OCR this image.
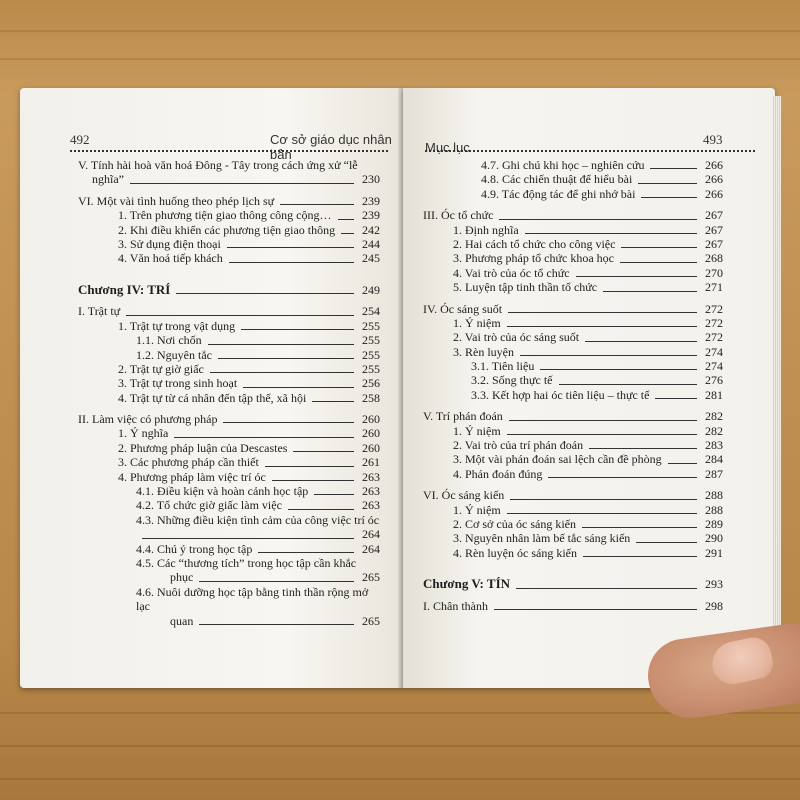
492	Cơ sở giáo dục nhân bản
V. Tính hài hoà văn hoá Đông - Tây trong cách ứng xử “lễ
nghĩa”	230
VI. Một vài tình huống theo phép lịch sự	239
1. Trên phương tiện giao thông công cộng…	239
2. Khi điều khiển các phương tiện giao thông	242
3. Sử dụng điện thoại	244
4. Văn hoá tiếp khách	245
Chương IV: TRÍ	249
I. Trật tự	254
1. Trật tự trong vật dụng	255
1.1. Nơi chốn	255
1.2. Nguyên tắc	255
2. Trật tự giờ giấc	255
3. Trật tự trong sinh hoạt	256
4. Trật tự từ cá nhân đến tập thể, xã hội	258
II. Làm việc có phương pháp	260
1. Ý nghĩa	260
2. Phương pháp luận của Descastes	260
3. Các phương pháp cần thiết	261
4. Phương pháp làm việc trí óc	263
4.1. Điều kiện và hoàn cảnh học tập	263
4.2. Tổ chức giờ giấc làm việc	263
4.3. Những điều kiện tình cảm của công việc trí óc
264
4.4. Chú ý trong học tập	264
4.5. Các “thương tích” trong học tập cần khắc
phục	265
4.6. Nuôi dưỡng học tập bằng tinh thần rộng mở lạc
quan	265
Mục lục
493
4.7. Ghi chú khi học – nghiên cứu	266
4.8. Các chiến thuật để hiểu bài	266
4.9. Tác động tác để ghi nhớ bài	266
III. Óc tổ chức	267
1. Định nghĩa	267
2. Hai cách tổ chức cho công việc	267
3. Phương pháp tổ chức khoa học	268
4. Vai trò của óc tổ chức	270
5. Luyện tập tinh thần tổ chức	271
IV. Óc sáng suốt	272
1. Ý niệm	272
2. Vai trò của óc sáng suốt	272
3. Rèn luyện	274
3.1. Tiên liệu	274
3.2. Sống thực tế	276
3.3. Kết hợp hai óc tiên liệu – thực tế	281
V. Trí phán đoán	282
1. Ý niệm	282
2. Vai trò của trí phán đoán	283
3. Một vài phán đoán sai lệch cần đề phòng	284
4. Phán đoán đúng	287
VI. Óc sáng kiến	288
1. Ý niệm	288
2. Cơ sở của óc sáng kiến	289
3. Nguyên nhân làm bế tắc sáng kiến	290
4. Rèn luyện óc sáng kiến	291
Chương V: TÍN	293
I. Chân thành	298
